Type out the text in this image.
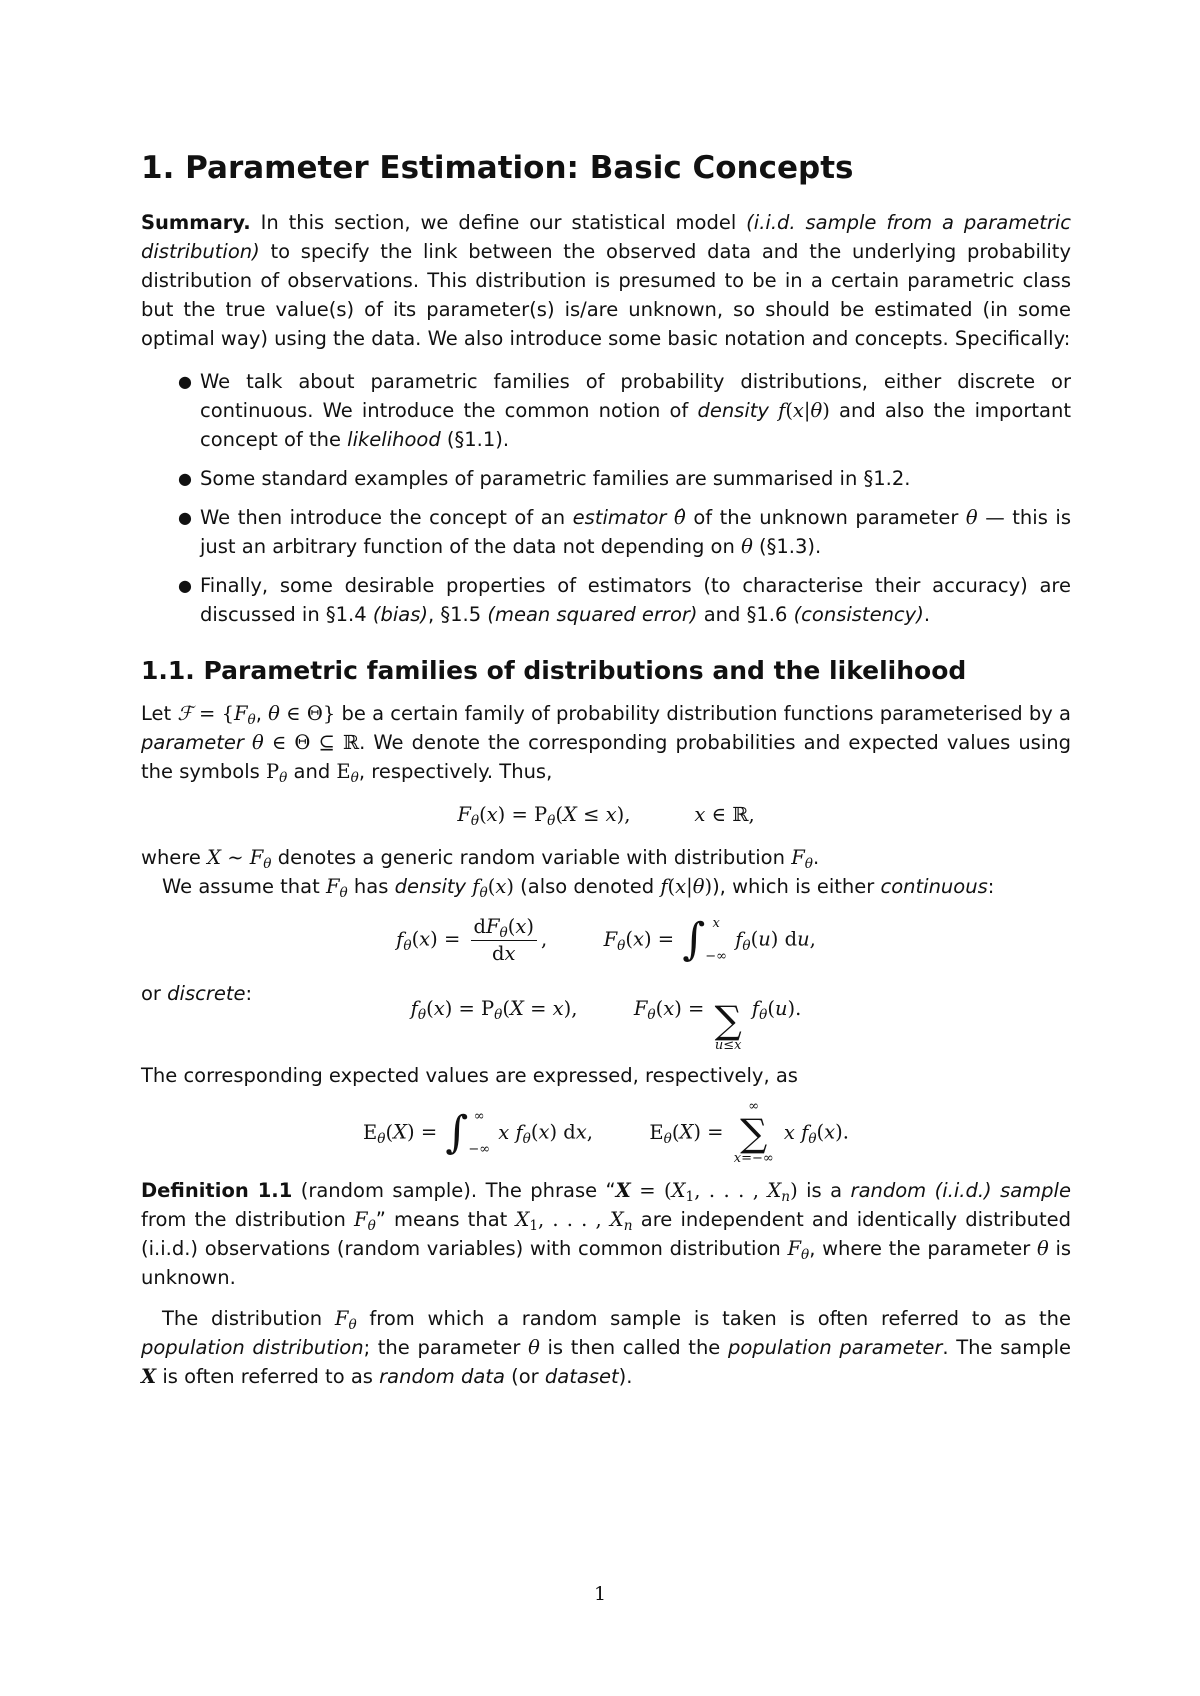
1. Parameter Estimation: Basic Concepts

Summary. In this section, we define our statistical model (i.i.d. sample from a parametric distribution) to specify the link between the observed data and the underlying probability distribution of observations. This distribution is presumed to be in a certain parametric class but the true value(s) of its parameter(s) is/are unknown, so should be estimated (in some optimal way) using the data. We also introduce some basic notation and concepts. Specifically:

● We talk about parametric families of probability distributions, either discrete or continuous. We introduce the common notion of density f(x|θ) and also the important concept of the likelihood (§1.1).
● Some standard examples of parametric families are summarised in §1.2.
● We then introduce the concept of an estimator θ̂ of the unknown parameter θ — this is just an arbitrary function of the data not depending on θ (§1.3).
● Finally, some desirable properties of estimators (to characterise their accuracy) are discussed in §1.4 (bias), §1.5 (mean squared error) and §1.6 (consistency).
1.1. Parametric families of distributions and the likelihood

Let ℱ = {$F_\theta$, θ ∈ Θ} be a certain family of probability distribution functions parameterised by a parameter θ ∈ Θ ⊆ ℝ. We denote the corresponding probabilities and expected values using the symbols $P_\theta$ and $E_\theta$, respectively. Thus,

$F_\theta(x) = P_\theta(X \le x)$,	x ∈ ℝ,

where X ∼ $F_\theta$ denotes a generic random variable with distribution $F_\theta$.

We assume that $F_\theta$ has density $f_\theta(x)$ (also denoted f(x|θ)), which is either continuous:

$f_\theta(x) = \frac{dF_\theta(x)}{dx}$ ,	$F_\theta(x)$ = ∫ x
−∞
$f_\theta(u)$ du,

or discrete:

$f_\theta(x) = P_\theta(X = x)$,	$F_\theta(x)$ = ∑
u≤x
$f_\theta(u)$.

The corresponding expected values are expressed, respectively, as

$E_\theta(X)$ = ∫ ∞
−∞
x $f_\theta(x)$ dx,	$E_\theta(X)$ =
∞
∑
x=−∞
x $f_\theta(x)$.

Definition 1.1 (random sample). The phrase “$X = (X_1$, . . . , $X_n$) is a random (i.i.d.) sample from the distribution $F_\theta$” means that $X_1$, . . . , $X_n$ are independent and identically distributed (i.i.d.) observations (random variables) with common distribution $F_\theta$, where the parameter θ is unknown.

The distribution $F_\theta$ from which a random sample is taken is often referred to as the population distribution; the parameter θ is then called the population parameter. The sample X is often referred to as random data (or dataset).

1
